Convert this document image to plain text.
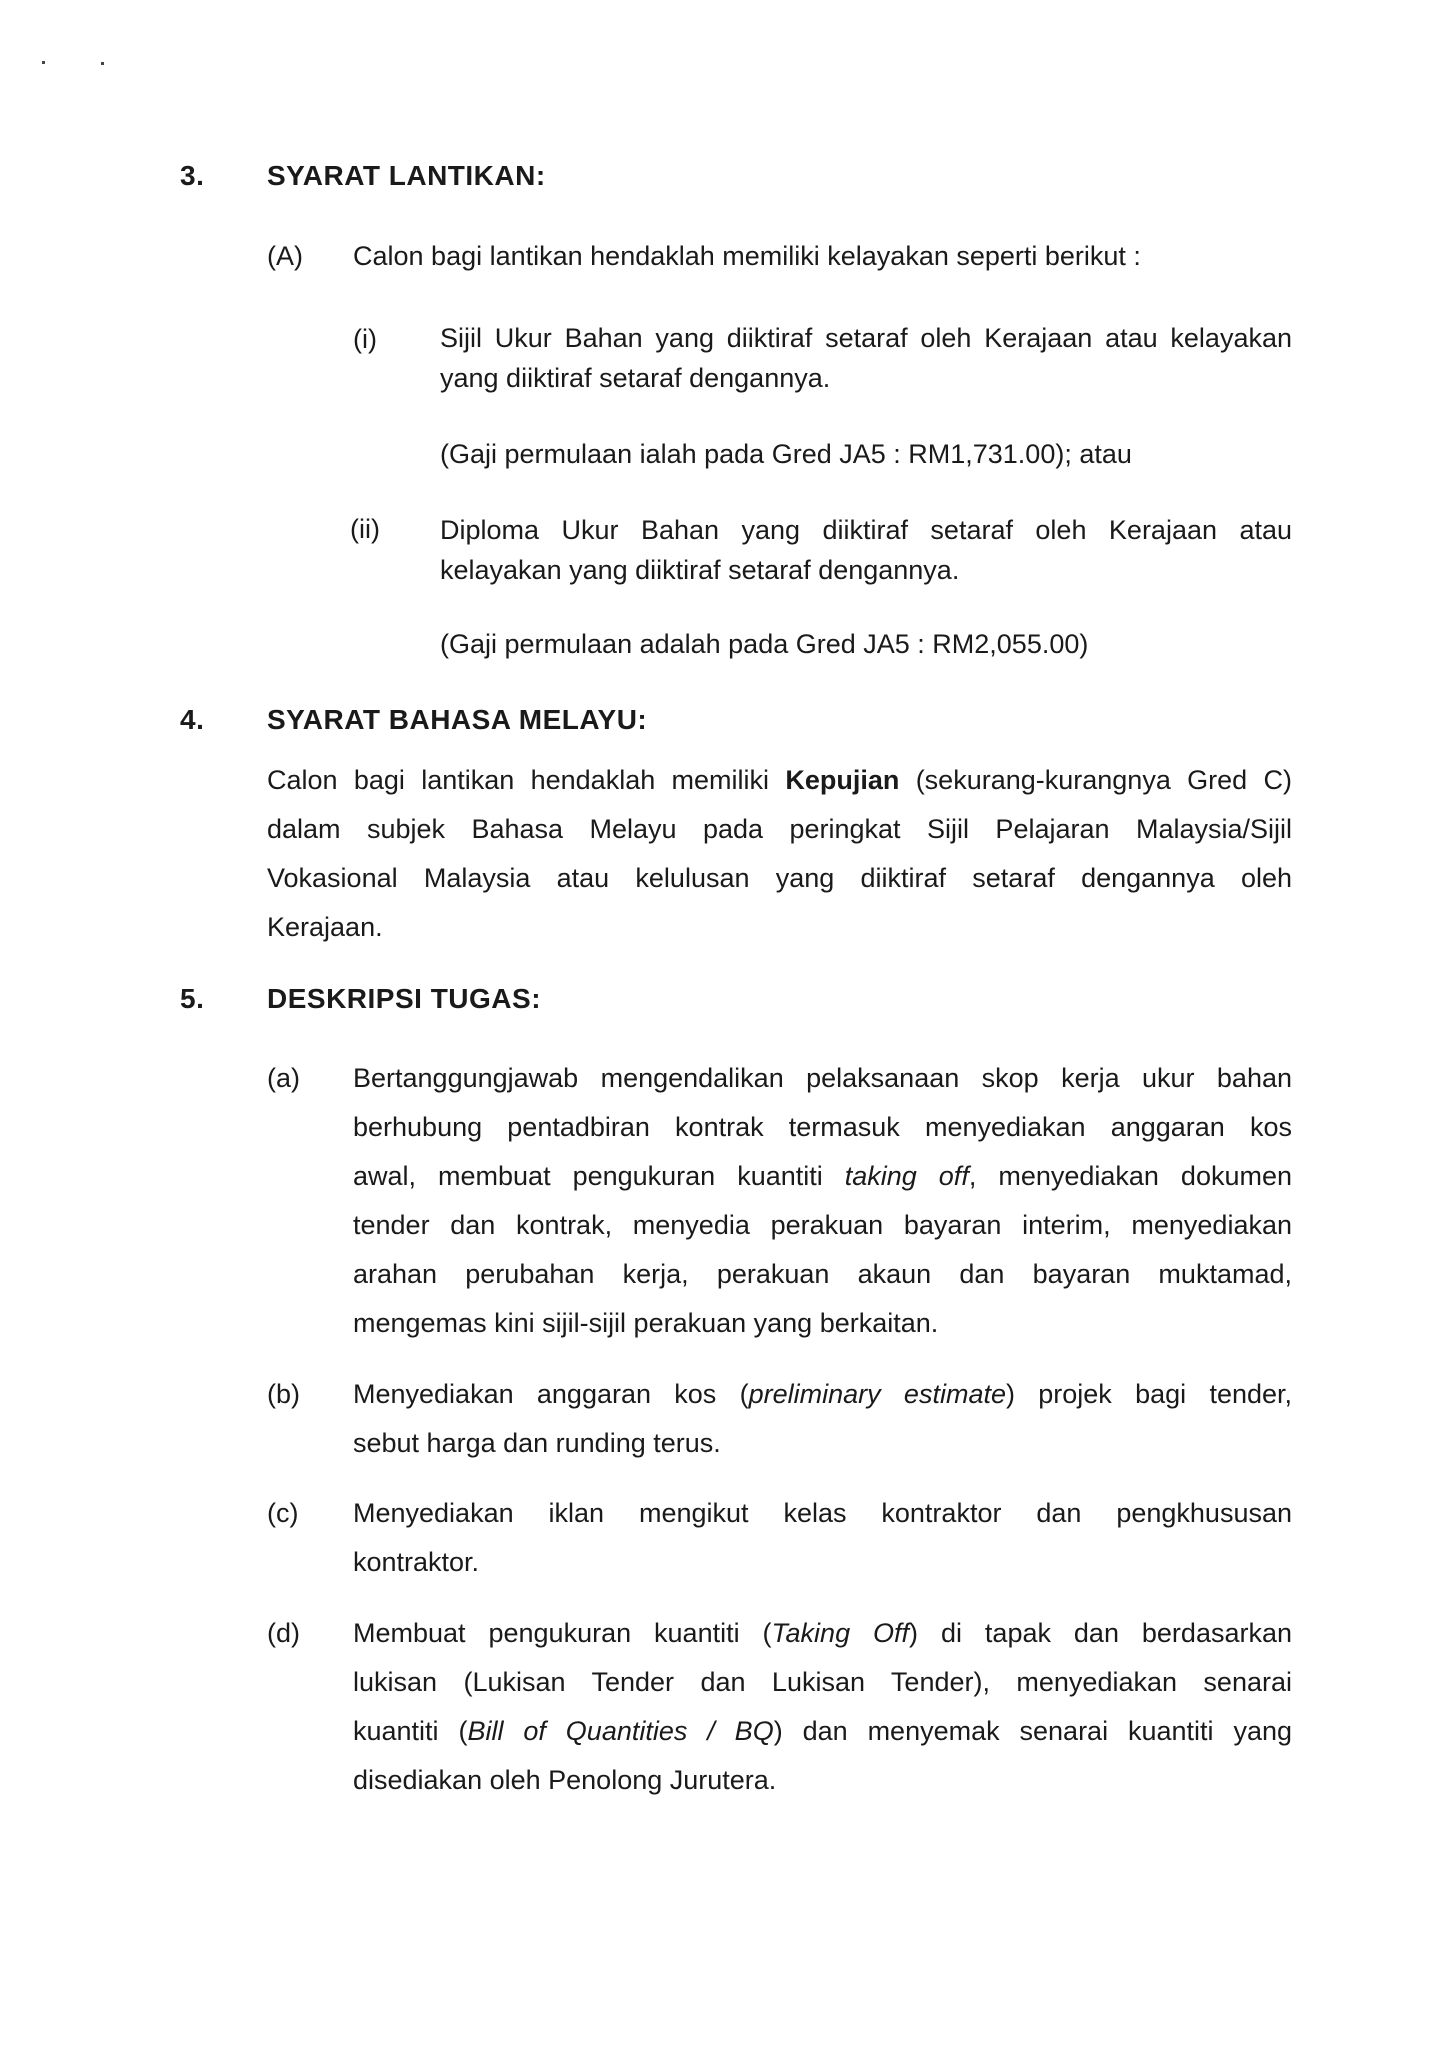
3. SYARAT LANTIKAN:
(A) Calon bagi lantikan hendaklah memiliki kelayakan seperti berikut :
(i) Sijil Ukur Bahan yang diiktiraf setaraf oleh Kerajaan atau kelayakan
yang diiktiraf setaraf dengannya.
(Gaji permulaan ialah pada Gred JA5 : RM1,731.00); atau
(ii) Diploma Ukur Bahan yang diiktiraf setaraf oleh Kerajaan atau
kelayakan yang diiktiraf setaraf dengannya.
(Gaji permulaan adalah pada Gred JA5 : RM2,055.00)
4. SYARAT BAHASA MELAYU:
Calon bagi lantikan hendaklah memiliki Kepujian (sekurang-kurangnya Gred C)
dalam subjek Bahasa Melayu pada peringkat Sijil Pelajaran Malaysia/Sijil
Vokasional Malaysia atau kelulusan yang diiktiraf setaraf dengannya oleh
Kerajaan.
5. DESKRIPSI TUGAS:
(a) Bertanggungjawab mengendalikan pelaksanaan skop kerja ukur bahan
berhubung pentadbiran kontrak termasuk menyediakan anggaran kos
awal, membuat pengukuran kuantiti taking off, menyediakan dokumen
tender dan kontrak, menyedia perakuan bayaran interim, menyediakan
arahan perubahan kerja, perakuan akaun dan bayaran muktamad,
mengemas kini sijil-sijil perakuan yang berkaitan.
(b) Menyediakan anggaran kos (preliminary estimate) projek bagi tender,
sebut harga dan runding terus.
(c) Menyediakan iklan mengikut kelas kontraktor dan pengkhususan
kontraktor.
(d) Membuat pengukuran kuantiti (Taking Off) di tapak dan berdasarkan
lukisan (Lukisan Tender dan Lukisan Tender), menyediakan senarai
kuantiti (Bill of Quantities / BQ) dan menyemak senarai kuantiti yang
disediakan oleh Penolong Jurutera.
